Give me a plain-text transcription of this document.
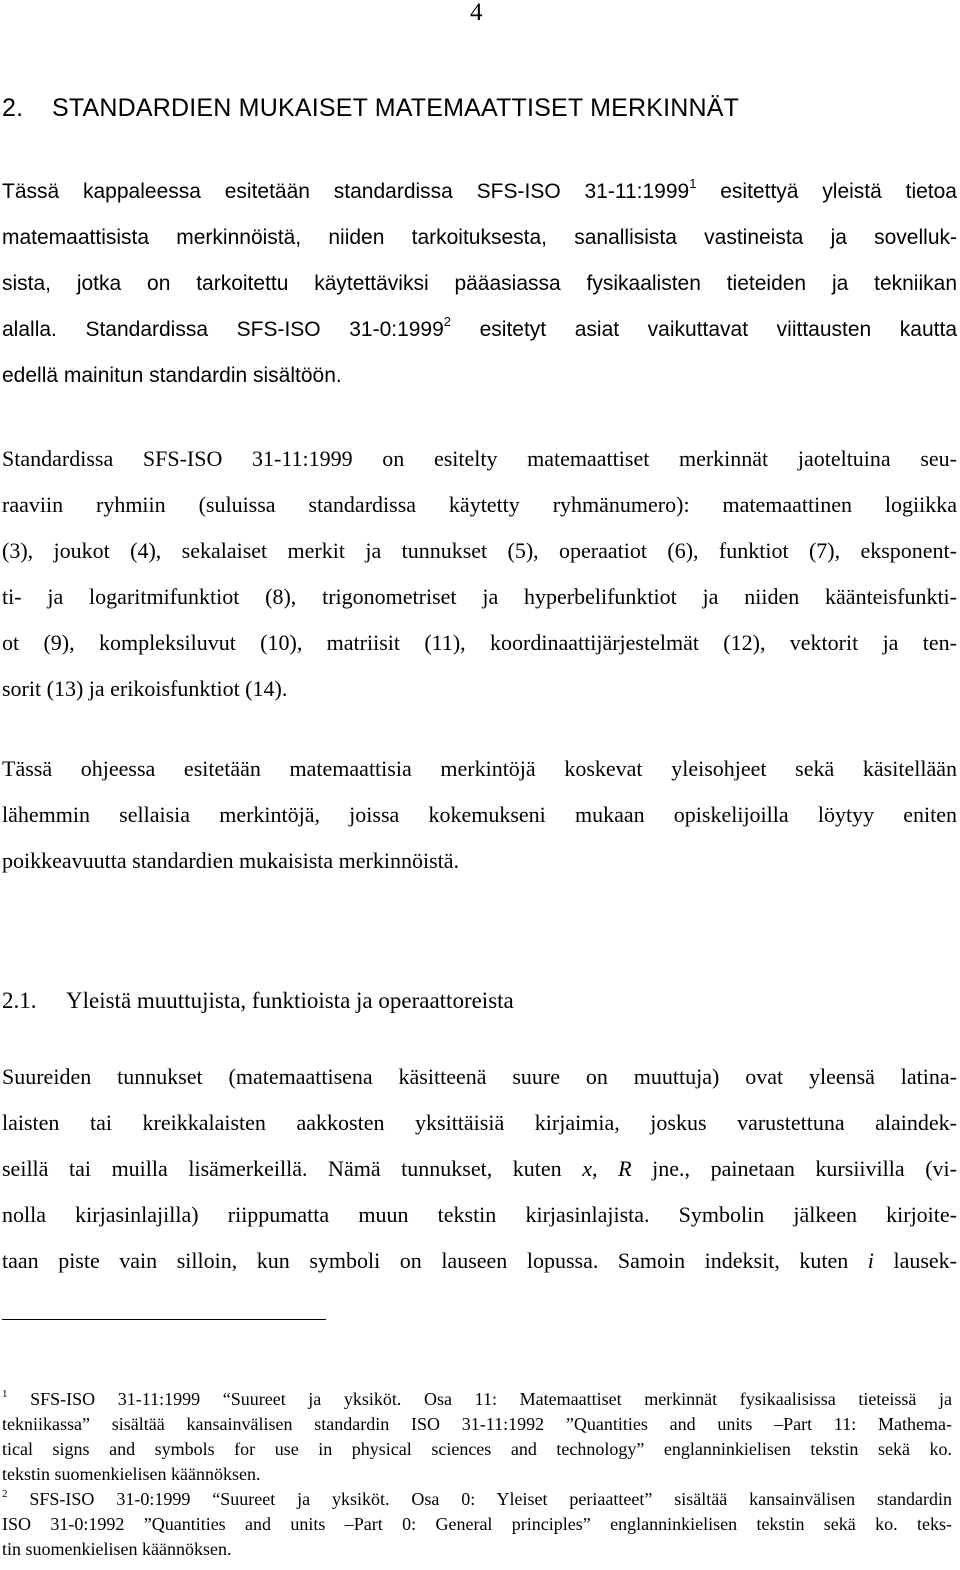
4
2. STANDARDIEN MUKAISET MATEMAATTISET MERKINNÄT
Tässä kappaleessa esitetään standardissa SFS-ISO 31-11:1999$^1$ esitettyä yleistä tietoa
matemaattisista merkinnöistä, niiden tarkoituksesta, sanallisista vastineista ja sovelluk-
sista, jotka on tarkoitettu käytettäviksi pääasiassa fysikaalisten tieteiden ja tekniikan
alalla. Standardissa SFS-ISO 31-0:1999$^2$ esitetyt asiat vaikuttavat viittausten kautta
edellä mainitun standardin sisältöön.
Standardissa SFS-ISO 31-11:1999 on esitelty matemaattiset merkinnät jaoteltuina seu-
raaviin ryhmiin (suluissa standardissa käytetty ryhmänumero): matemaattinen logiikka
(3), joukot (4), sekalaiset merkit ja tunnukset (5), operaatiot (6), funktiot (7), eksponent-
ti- ja logaritmifunktiot (8), trigonometriset ja hyperbelifunktiot ja niiden käänteisfunkti-
ot (9), kompleksiluvut (10), matriisit (11), koordinaattijärjestelmät (12), vektorit ja ten-
sorit (13) ja erikoisfunktiot (14).
Tässä ohjeessa esitetään matemaattisia merkintöjä koskevat yleisohjeet sekä käsitellään
lähemmin sellaisia merkintöjä, joissa kokemukseni mukaan opiskelijoilla löytyy eniten
poikkeavuutta standardien mukaisista merkinnöistä.
2.1. Yleistä muuttujista, funktioista ja operaattoreista
Suureiden tunnukset (matemaattisena käsitteenä suure on muuttuja) ovat yleensä latina-
laisten tai kreikkalaisten aakkosten yksittäisiä kirjaimia, joskus varustettuna alaindek-
seillä tai muilla lisämerkeillä. Nämä tunnukset, kuten x, R jne., painetaan kursiivilla (vi-
nolla kirjasinlajilla) riippumatta muun tekstin kirjasinlajista. Symbolin jälkeen kirjoite-
taan piste vain silloin, kun symboli on lauseen lopussa. Samoin indeksit, kuten i lausek-
$^1$ SFS-ISO 31-11:1999 “Suureet ja yksiköt. Osa 11: Matemaattiset merkinnät fysikaalisissa tieteissä ja
tekniikassa” sisältää kansainvälisen standardin ISO 31-11:1992 ”Quantities and units –Part 11: Mathema-
tical signs and symbols for use in physical sciences and technology” englanninkielisen tekstin sekä ko.
tekstin suomenkielisen käännöksen.
$^2$ SFS-ISO 31-0:1999 “Suureet ja yksiköt. Osa 0: Yleiset periaatteet” sisältää kansainvälisen standardin
ISO 31-0:1992 ”Quantities and units –Part 0: General principles” englanninkielisen tekstin sekä ko. teks-
tin suomenkielisen käännöksen.
